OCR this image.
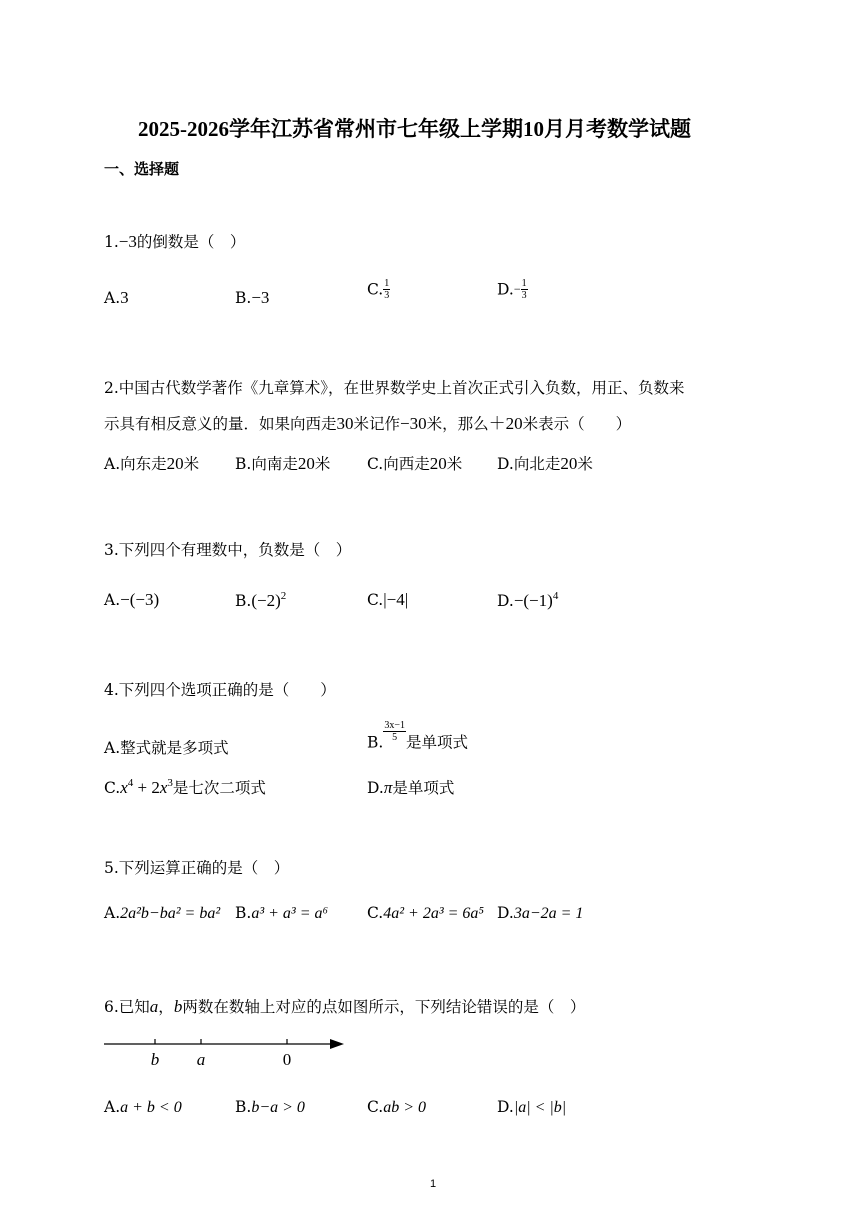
2025-2026学年江苏省常州市七年级上学期10月月考数学试题
一、选择题
1.−3的倒数是（　）
A.3	B.−3	C. $\frac{1}{3}$	$D.- \frac{1}{3}$
2.中国古代数学著作《九章算术》，在世界数学史上首次正式引入负数，用正、负数来
示具有相反意义的量．如果向西走30米记作−30米，那么＋20米表示（　　）
A.向东走20米 B.向南走20米 C.向西走20米 D.向北走20米
3.下列四个有理数中，负数是（　）
A.−(−3)	$B.(-2)^2$	C.|−4|	$D.-(-1)^4$
4.下列四个选项正确的是（　　）
A.整式就是多项式	B. $\frac{3x-1}{5}$ 是单项式
$C.x^4 + 2x^3$是七次二项式	D.π是单项式
5.下列运算正确的是（　）
A.2a²b−ba² = ba² B.a³ + a³ = a⁶	C.4a² + 2a³ = 6a⁵ D.3a−2a = 1
6.已知a，b两数在数轴上对应的点如图所示，下列结论错误的是（　）
b a	0
A.a + b < 0	B.b−a > 0	C.ab > 0	D.|a| < |b|
1
